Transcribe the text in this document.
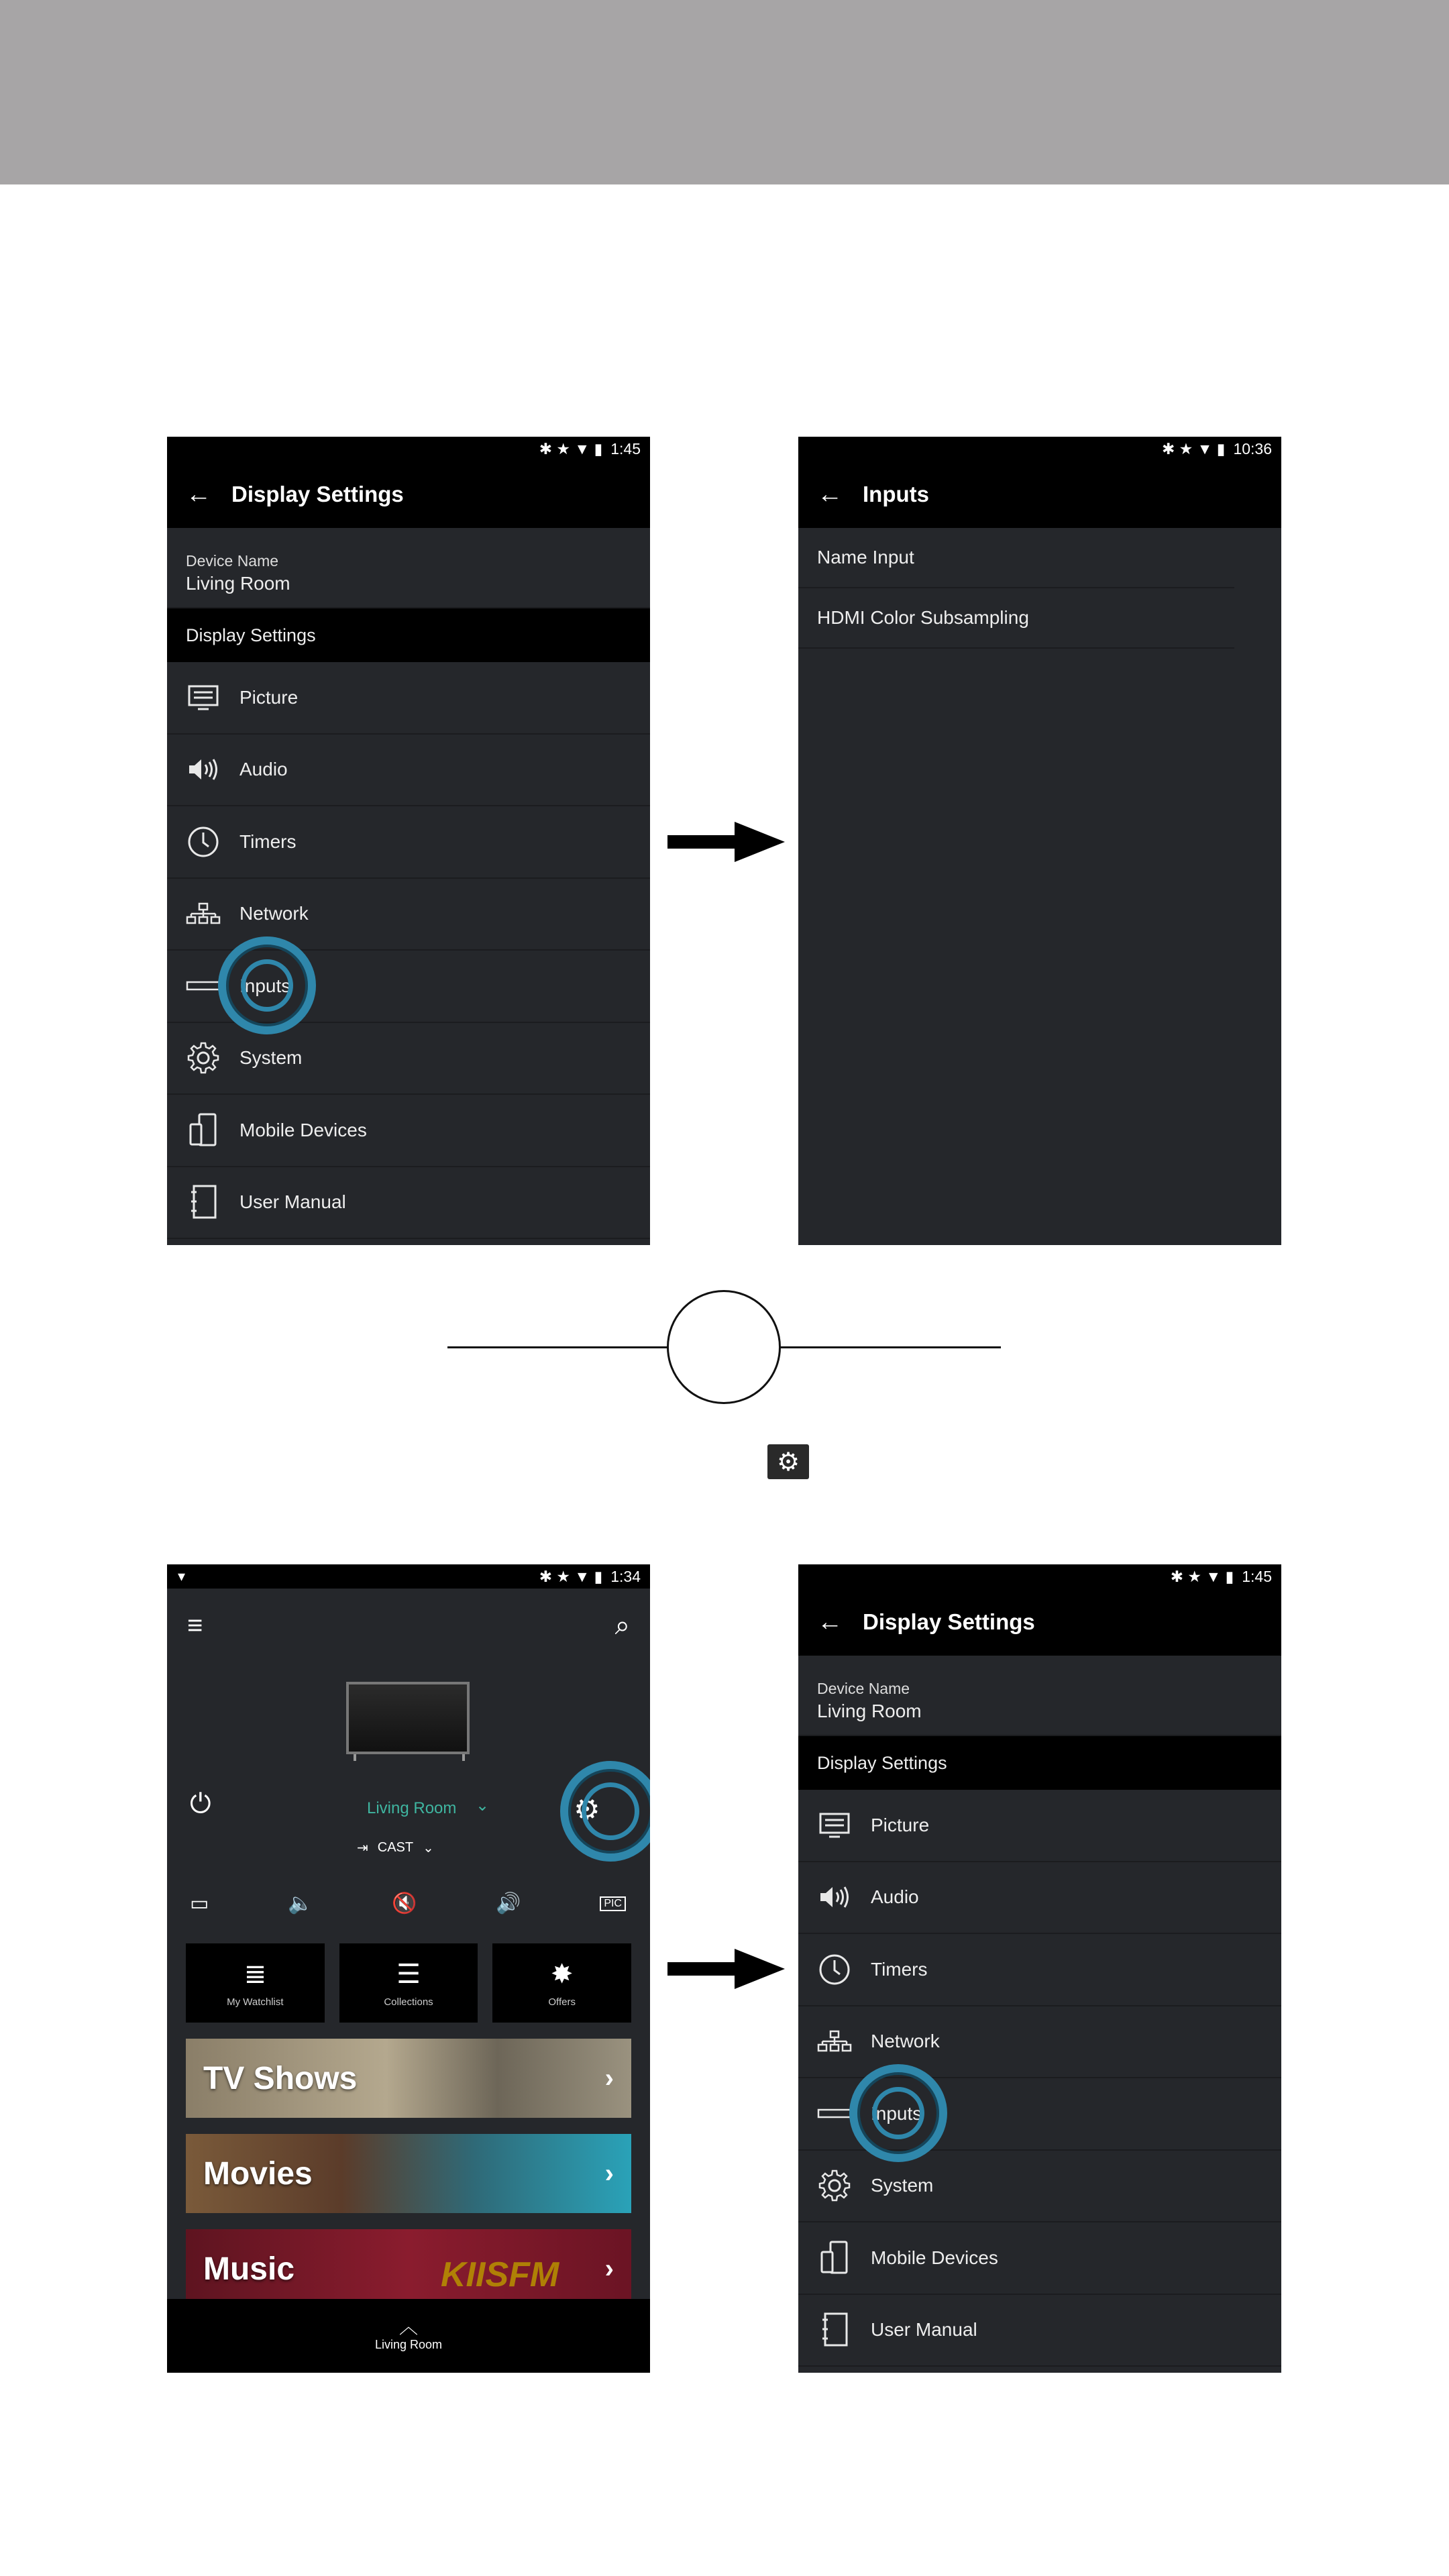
✱ ★ ▼ ▮ 1:45
← Display Settings
Device Name
Living Room
Display Settings
Picture
Audio
Timers
Network
Inputs
System
Mobile Devices
User Manual
✱ ★ ▼ ▮ 10:36
← Inputs
Name Input
HDMI Color Subsampling
⚙
▾	✱ ★ ▼ ▮ 1:34
≡	⌕
⏻	Living Room ⌄	⚙
⇥ CAST ⌄
▭	🔈	🔇	🔊	PIC
≣
My Watchlist
☰
Collections
✸
Offers
TV Shows	›
Movies	›
Music	KIISFM ›
︿
Living Room
✱ ★ ▼ ▮ 1:45
← Display Settings
Device Name
Living Room
Display Settings
Picture
Audio
Timers
Network
Inputs
System
Mobile Devices
User Manual
